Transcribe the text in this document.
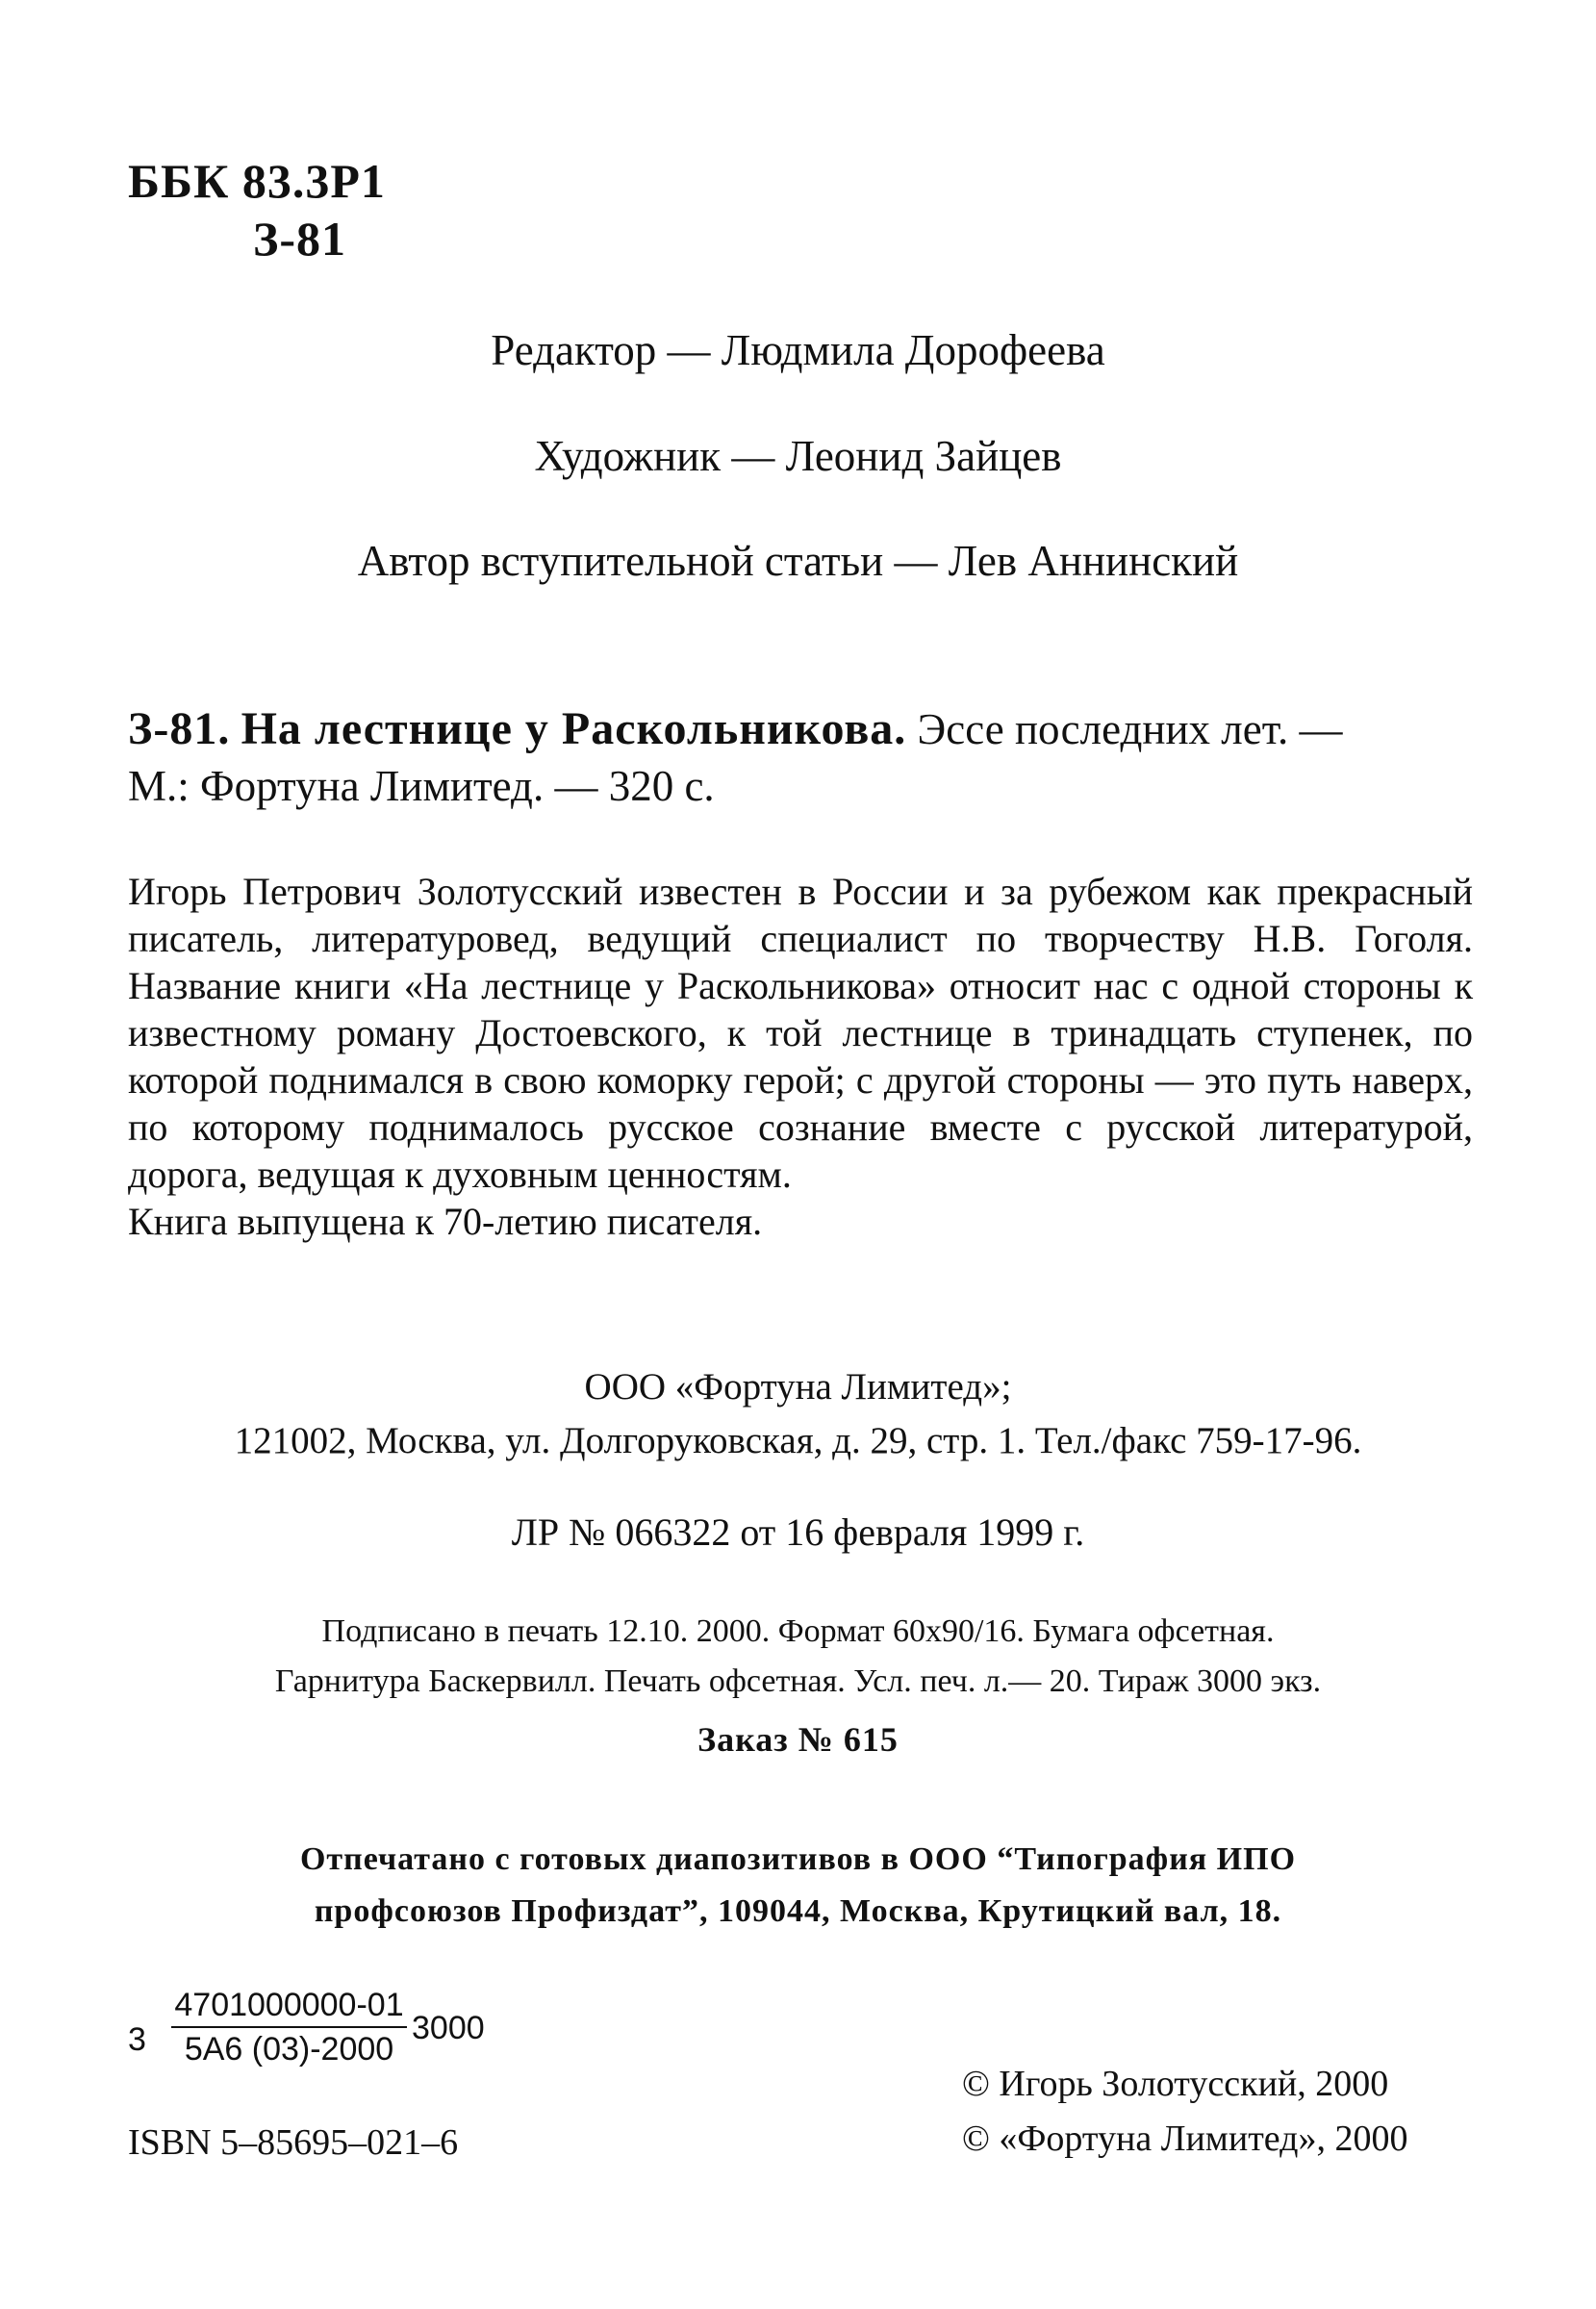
ББК 83.3Р1
З-81
Редактор — Людмила Дорофеева
Художник — Леонид Зайцев
Автор вступительной статьи — Лев Аннинский
З-81. На лестнице у Раскольникова. Эссе последних лет. —
М.: Фортуна Лимитед. — 320 с.

Игорь Петрович Золотусский известен в России и за рубежом как прекрасный писатель, литературовед, ведущий специалист по творчеству Н.В. Гоголя. Название книги «На лестнице у Раскольникова» относит нас с одной стороны к известному роману Достоевского, к той лестнице в тринадцать ступенек, по которой поднимался в свою коморку герой; с другой стороны — это путь наверх, по которому поднималось русское сознание вместе с русской литературой, дорога, ведущая к духовным ценностям.

Книга выпущена к 70-летию писателя.

ООО «Фортуна Лимитед»;
121002, Москва, ул. Долгоруковская, д. 29, стр. 1. Тел./факс 759-17-96.
ЛР № 066322 от 16 февраля 1999 г.
Подписано в печать 12.10. 2000. Формат 60x90/16. Бумага офсетная.
Гарнитура Баскервилл. Печать офсетная. Усл. печ. л.— 20. Тираж 3000 экз.
Заказ № 615
Отпечатано с готовых диапозитивов в ООО “Типография ИПО
профсоюзов Профиздат”, 109044, Москва, Крутицкий вал, 18.
3
4701000000-01
5А6 (03)-2000
3000
ISBN 5–85695–021–6
© Игорь Золотусский, 2000
© «Фортуна Лимитед», 2000
